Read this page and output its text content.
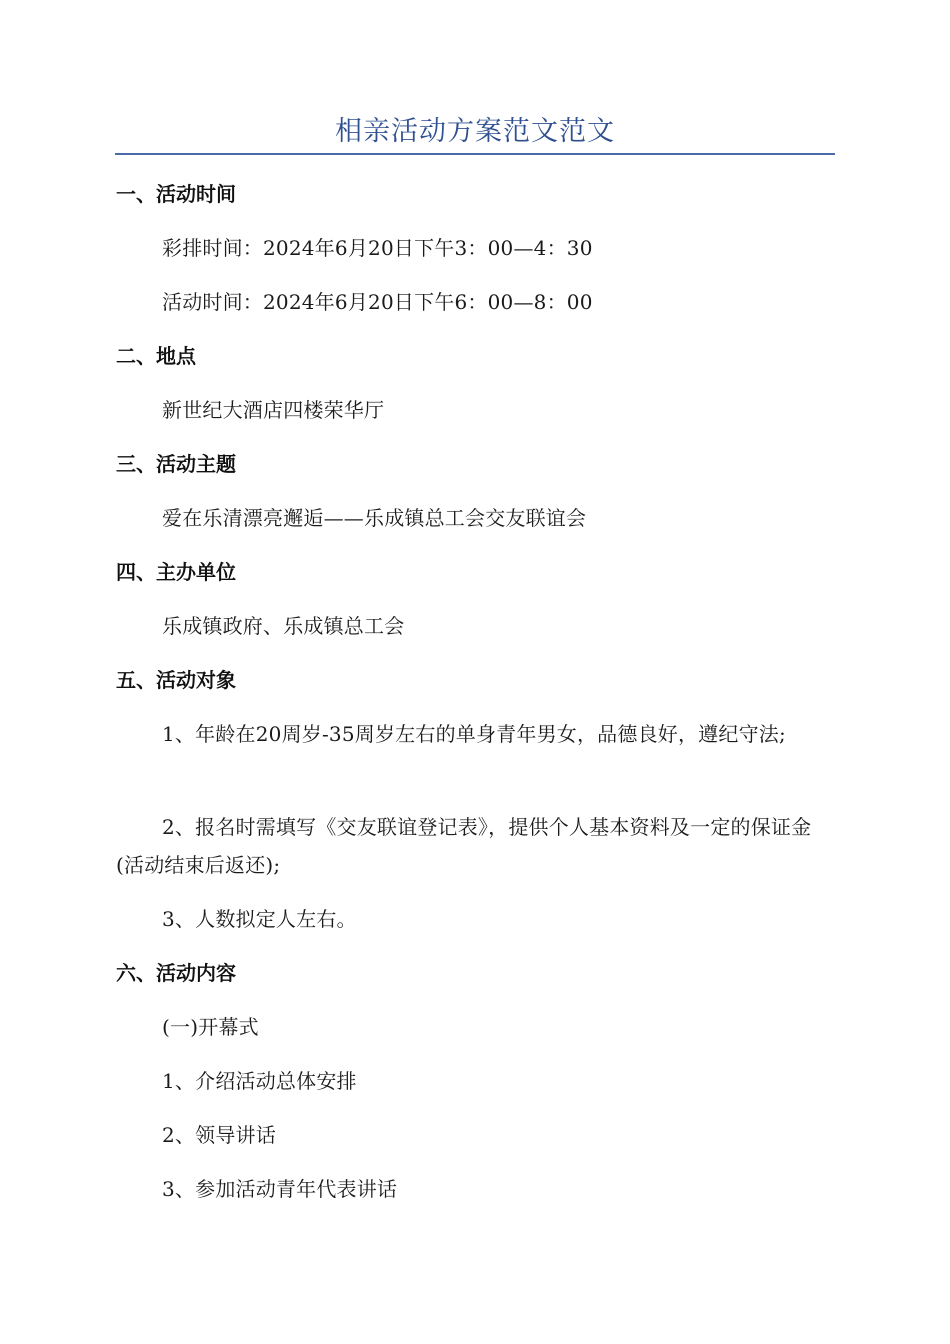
相亲活动方案范文范文
一、活动时间
彩排时间：2024年6月20日下午3：00—4：30
活动时间：2024年6月20日下午6：00—8：00
二、地点
新世纪大酒店四楼荣华厅
三、活动主题
爱在乐清漂亮邂逅——乐成镇总工会交友联谊会
四、主办单位
乐成镇政府、乐成镇总工会
五、活动对象
1、年龄在20周岁-35周岁左右的单身青年男女，品德良好，遵纪守法;
2、报名时需填写《交友联谊登记表》，提供个人基本资料及一定的保证金(活动结束后返还);
3、人数拟定人左右。
六、活动内容
(一)开幕式
1、介绍活动总体安排
2、领导讲话
3、参加活动青年代表讲话
